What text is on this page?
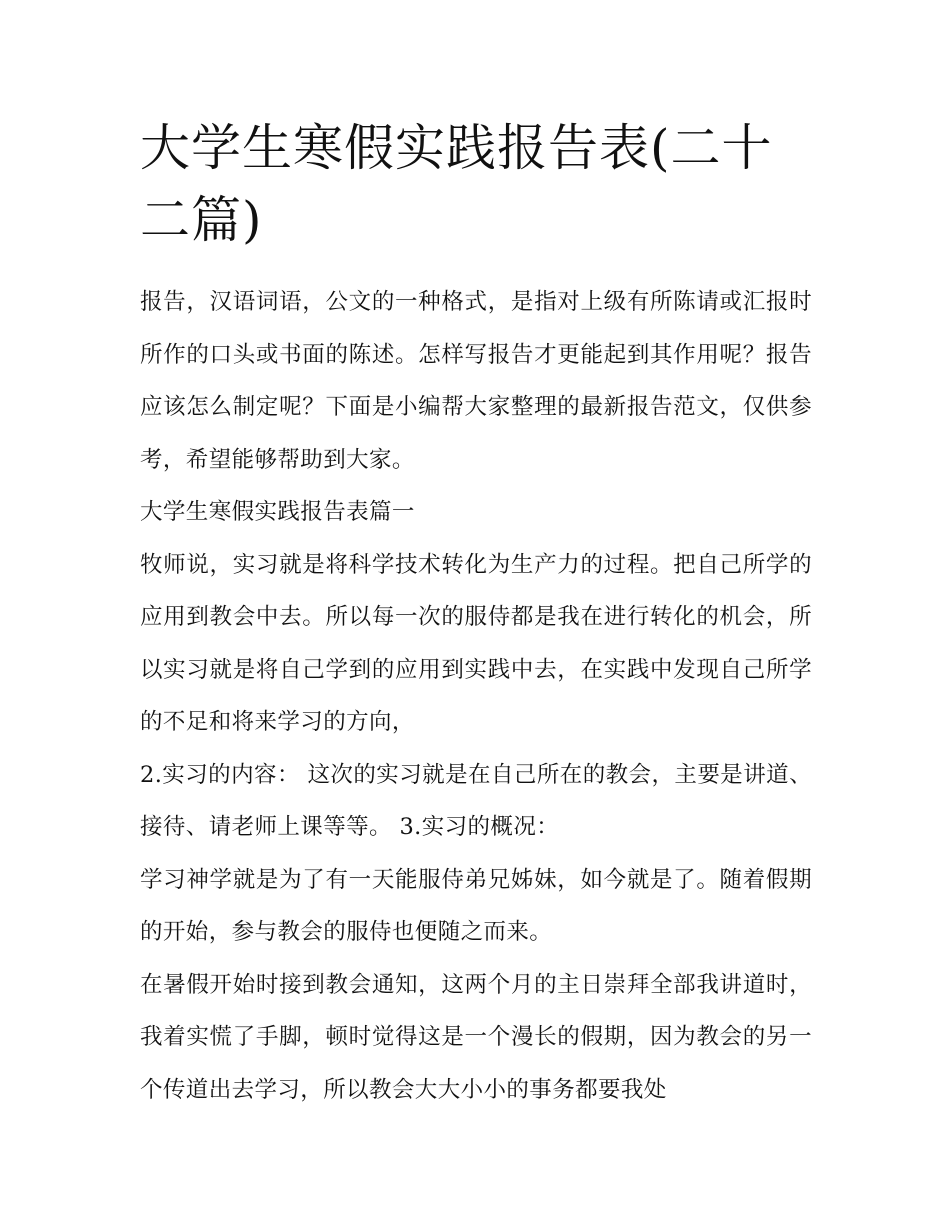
大学生寒假实践报告表(二十二篇)

报告，汉语词语，公文的一种格式，是指对上级有所陈请或汇报时所作的口头或书面的陈述。怎样写报告才更能起到其作用呢？报告应该怎么制定呢？下面是小编帮大家整理的最新报告范文，仅供参考，希望能够帮助到大家。

大学生寒假实践报告表篇一

牧师说，实习就是将科学技术转化为生产力的过程。把自己所学的应用到教会中去。所以每一次的服侍都是我在进行转化的机会，所以实习就是将自己学到的应用到实践中去，在实践中发现自己所学的不足和将来学习的方向，

2.实习的内容： 这次的实习就是在自己所在的教会，主要是讲道、接待、请老师上课等等。 3.实习的概况：

学习神学就是为了有一天能服侍弟兄姊妹，如今就是了。随着假期的开始，参与教会的服侍也便随之而来。

在暑假开始时接到教会通知，这两个月的主日崇拜全部我讲道时，我着实慌了手脚，顿时觉得这是一个漫长的假期，因为教会的另一个传道出去学习，所以教会大大小小的事务都要我处
